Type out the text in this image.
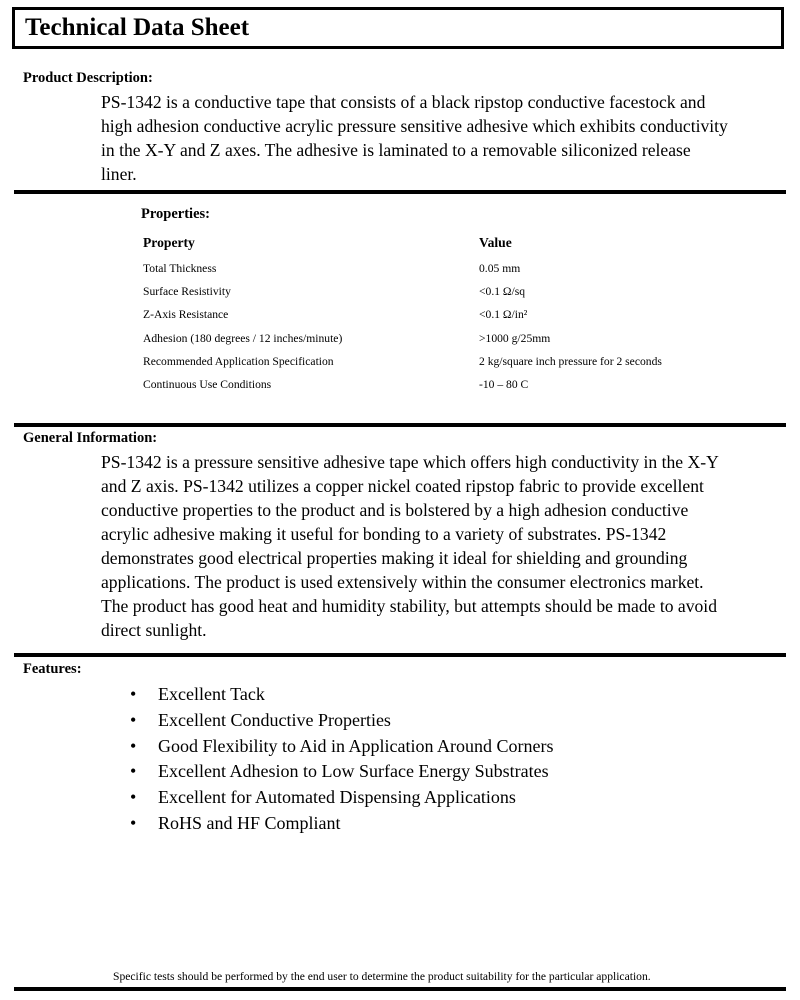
Technical Data Sheet
Product Description:
PS-1342 is a conductive tape that consists of a black ripstop conductive facestock and
high adhesion conductive acrylic pressure sensitive adhesive which exhibits conductivity
in the X-Y and Z axes. The adhesive is laminated to a removable siliconized release
liner.
Properties:
Property	Value
Total Thickness	0.05 mm
Surface Resistivity	<0.1 Ω/sq
Z-Axis Resistance	<0.1 Ω/in²
Adhesion (180 degrees / 12 inches/minute)	>1000 g/25mm
Recommended Application Specification	2 kg/square inch pressure for 2 seconds
Continuous Use Conditions	-10 – 80 C
General Information:
PS-1342 is a pressure sensitive adhesive tape which offers high conductivity in the X-Y
and Z axis. PS-1342 utilizes a copper nickel coated ripstop fabric to provide excellent
conductive properties to the product and is bolstered by a high adhesion conductive
acrylic adhesive making it useful for bonding to a variety of substrates. PS-1342
demonstrates good electrical properties making it ideal for shielding and grounding
applications. The product is used extensively within the consumer electronics market.
The product has good heat and humidity stability, but attempts should be made to avoid
direct sunlight.
Features:
• Excellent Tack
• Excellent Conductive Properties
• Good Flexibility to Aid in Application Around Corners
• Excellent Adhesion to Low Surface Energy Substrates
• Excellent for Automated Dispensing Applications
• RoHS and HF Compliant
Specific tests should be performed by the end user to determine the product suitability for the particular application.
